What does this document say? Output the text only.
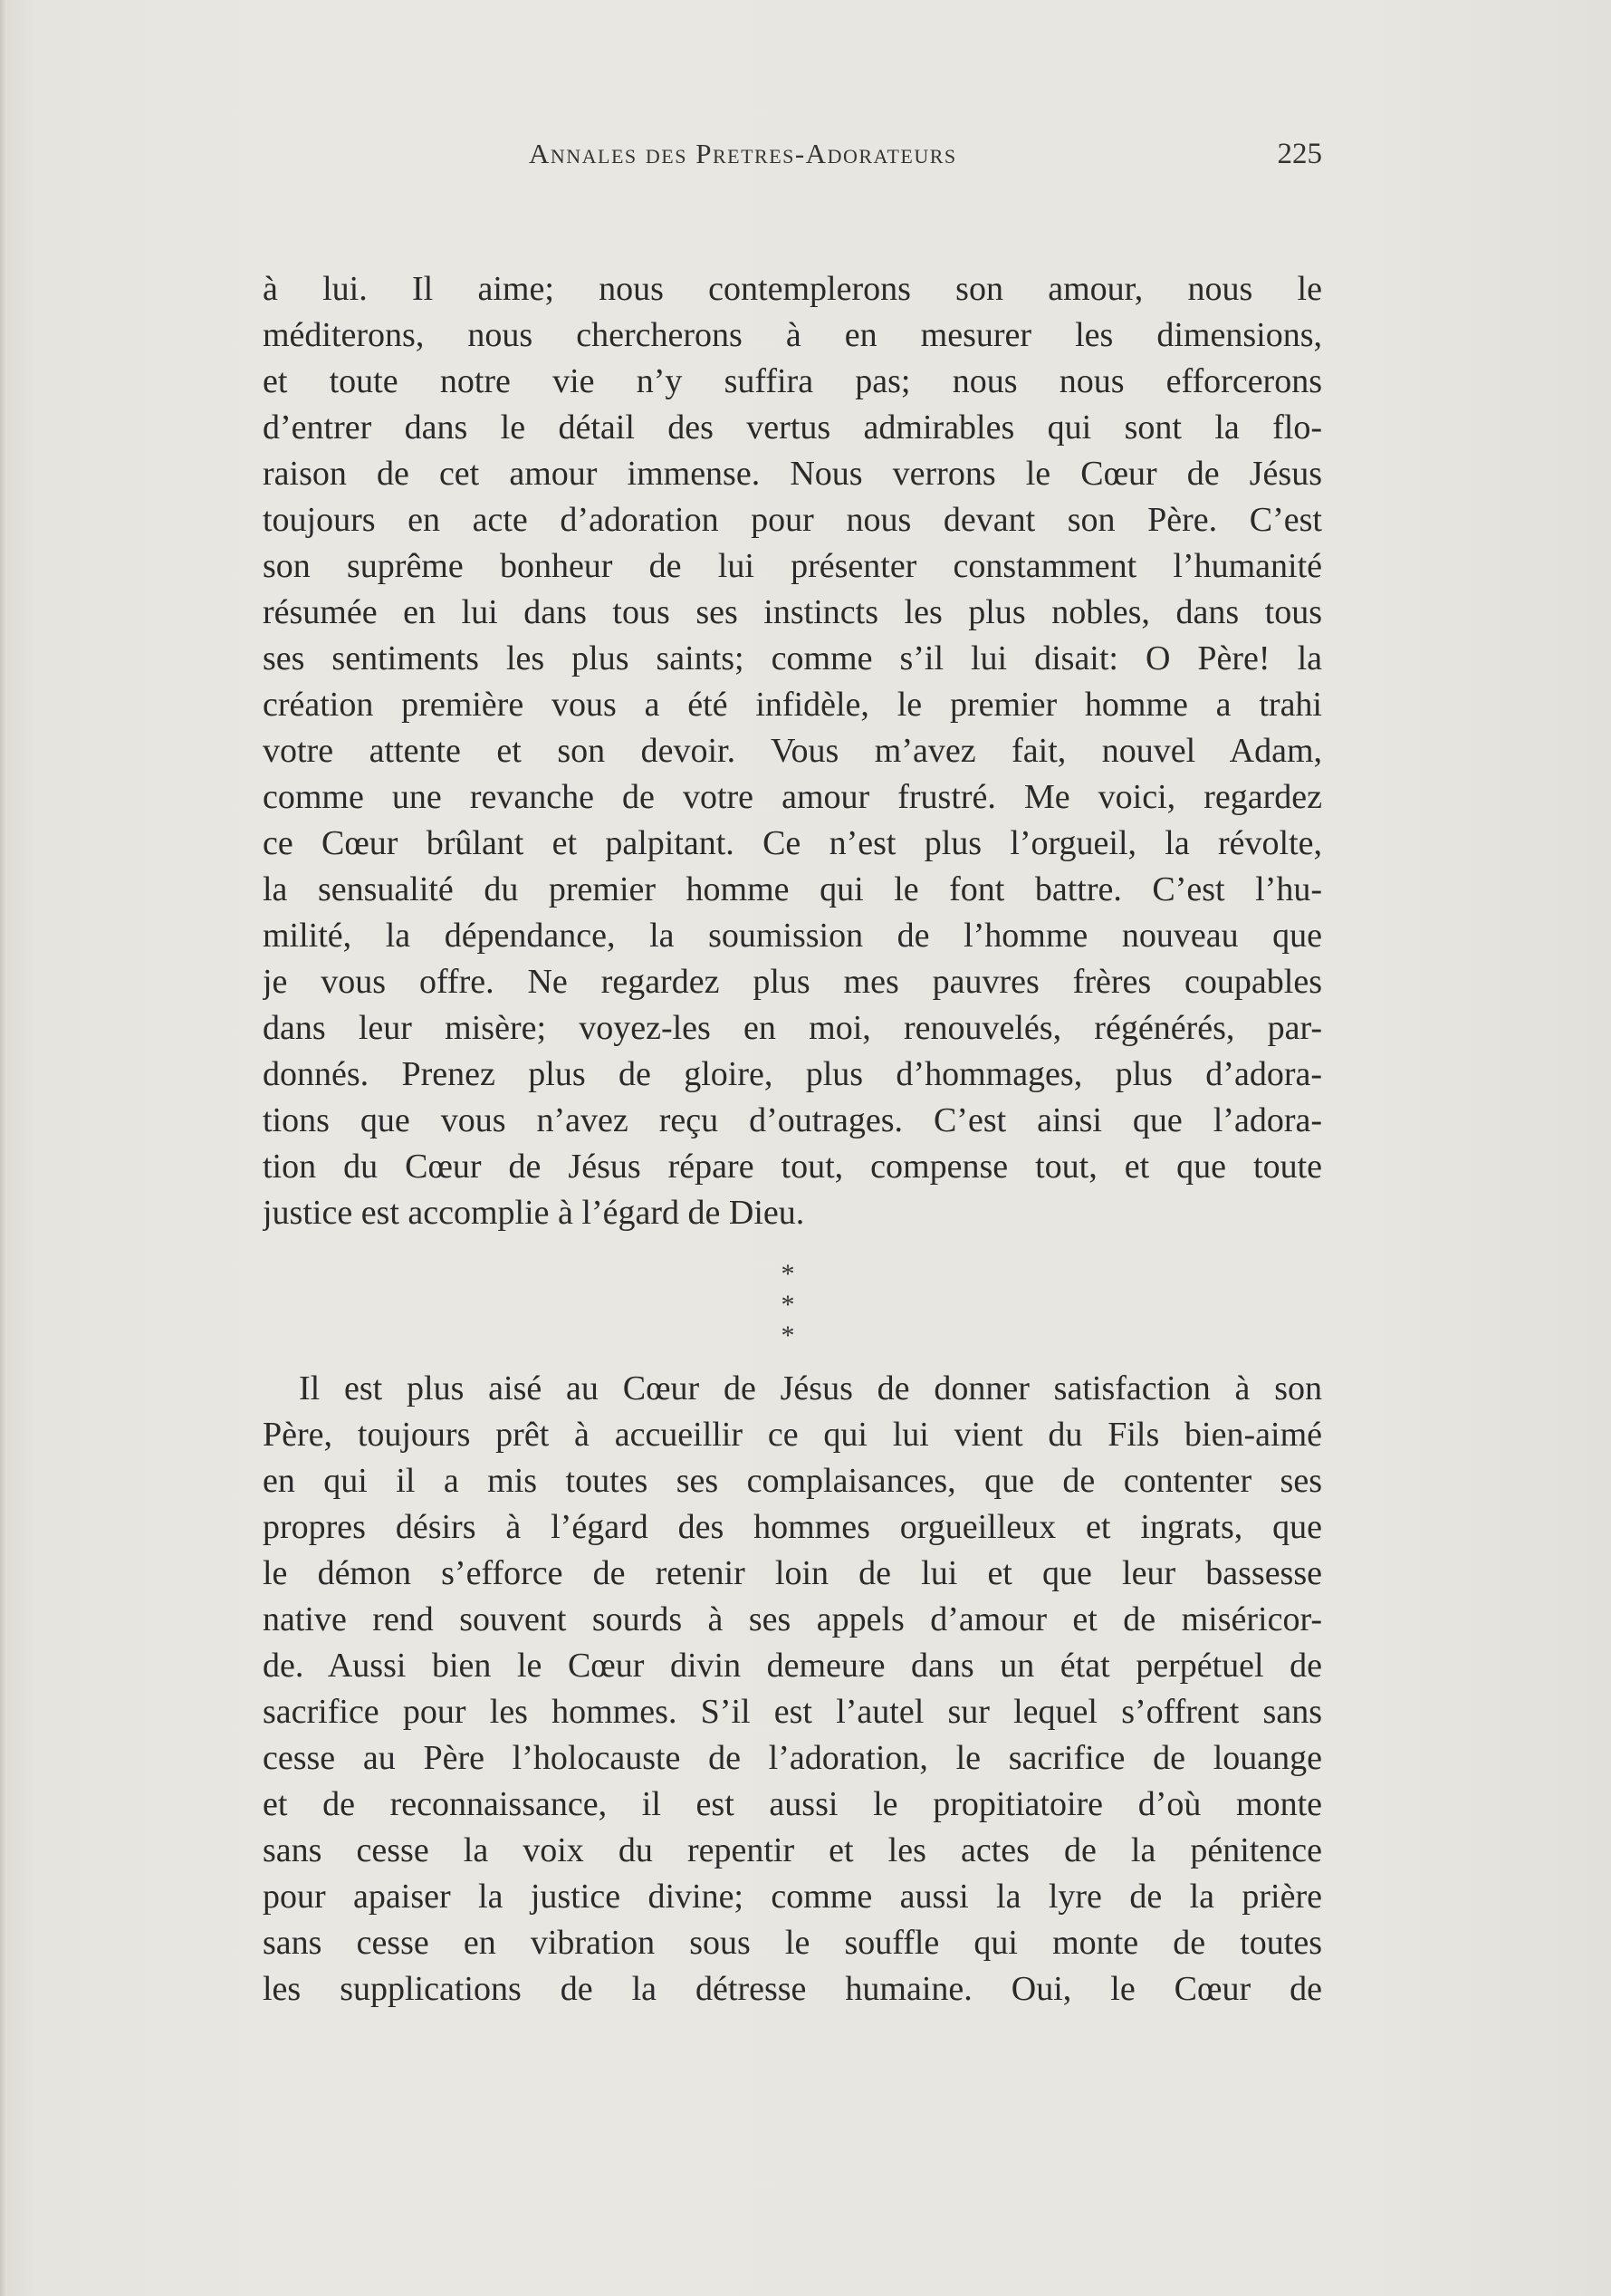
Annales des Pretres-Adorateurs	225
à lui. Il aime; nous contemplerons son amour, nous le
méditerons, nous chercherons à en mesurer les dimensions,
et toute notre vie n’y suffira pas; nous nous efforcerons
d’entrer dans le détail des vertus admirables qui sont la flo-
raison de cet amour immense. Nous verrons le Cœur de Jésus
toujours en acte d’adoration pour nous devant son Père. C’est
son suprême bonheur de lui présenter constamment l’humanité
résumée en lui dans tous ses instincts les plus nobles, dans tous
ses sentiments les plus saints; comme s’il lui disait: O Père! la
création première vous a été infidèle, le premier homme a trahi
votre attente et son devoir. Vous m’avez fait, nouvel Adam,
comme une revanche de votre amour frustré. Me voici, regardez
ce Cœur brûlant et palpitant. Ce n’est plus l’orgueil, la révolte,
la sensualité du premier homme qui le font battre. C’est l’hu-
milité, la dépendance, la soumission de l’homme nouveau que
je vous offre. Ne regardez plus mes pauvres frères coupables
dans leur misère; voyez-les en moi, renouvelés, régénérés, par-
donnés. Prenez plus de gloire, plus d’hommages, plus d’adora-
tions que vous n’avez reçu d’outrages. C’est ainsi que l’adora-
tion du Cœur de Jésus répare tout, compense tout, et que toute
justice est accomplie à l’égard de Dieu.
*
* *
Il est plus aisé au Cœur de Jésus de donner satisfaction à son
Père, toujours prêt à accueillir ce qui lui vient du Fils bien-aimé
en qui il a mis toutes ses complaisances, que de contenter ses
propres désirs à l’égard des hommes orgueilleux et ingrats, que
le démon s’efforce de retenir loin de lui et que leur bassesse
native rend souvent sourds à ses appels d’amour et de miséricor-
de. Aussi bien le Cœur divin demeure dans un état perpétuel de
sacrifice pour les hommes. S’il est l’autel sur lequel s’offrent sans
cesse au Père l’holocauste de l’adoration, le sacrifice de louange
et de reconnaissance, il est aussi le propitiatoire d’où monte
sans cesse la voix du repentir et les actes de la pénitence
pour apaiser la justice divine; comme aussi la lyre de la prière
sans cesse en vibration sous le souffle qui monte de toutes
les supplications de la détresse humaine. Oui, le Cœur de
